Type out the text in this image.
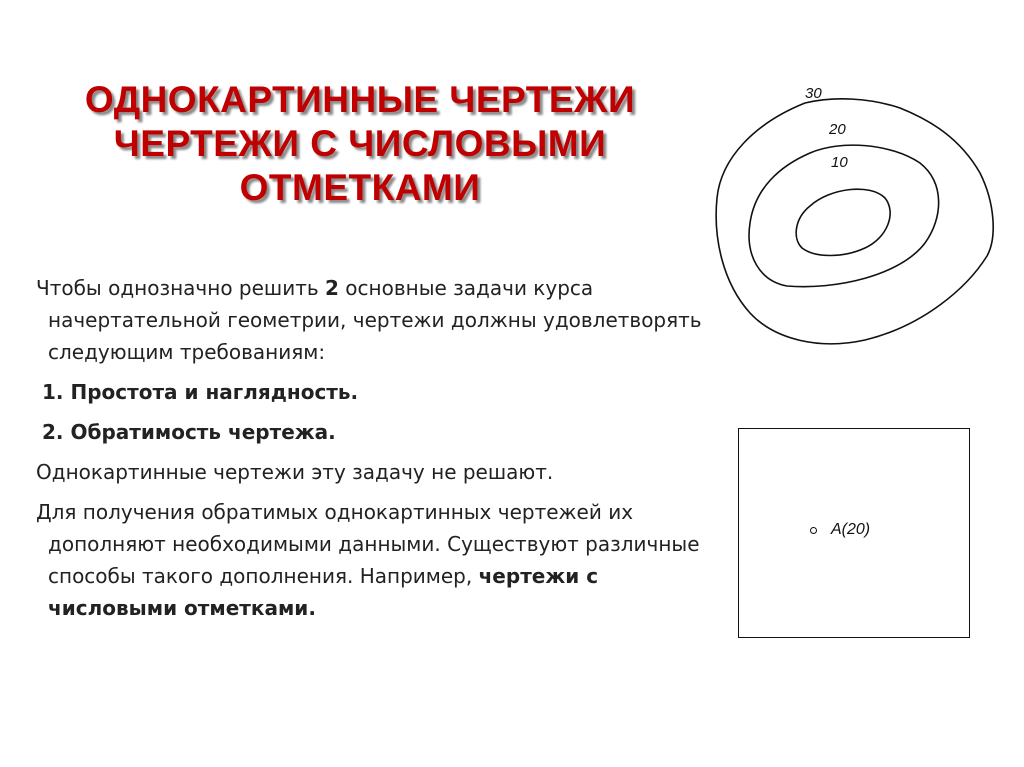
ОДНОКАРТИННЫЕ ЧЕРТЕЖИ
ЧЕРТЕЖИ С ЧИСЛОВЫМИ
ОТМЕТКАМИ

Чтобы однозначно решить 2 основные задачи курса начертательной геометрии, чертежи должны удовлетворять следующим требованиям:

1. Простота и наглядность.

2. Обратимость чертежа.

Однокартинные чертежи эту задачу не решают.

Для получения обратимых однокартинных чертежей их дополняют необходимыми данными. Существуют различные способы такого дополнения. Например, чертежи с числовыми отметками.

30
20
10
A(20)
